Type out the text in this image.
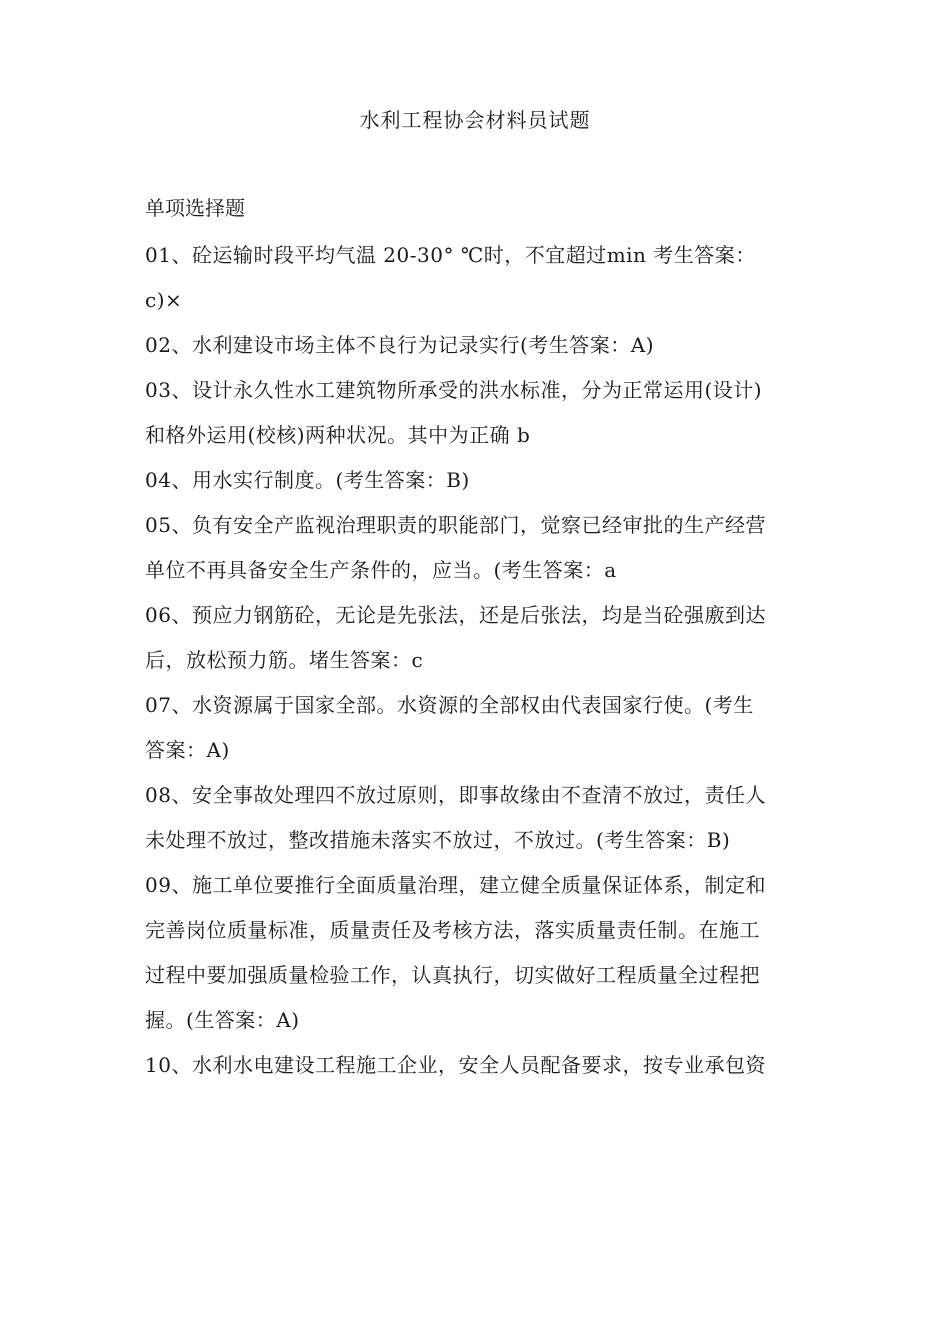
水利工程协会材料员试题
单项选择题
01、砼运输时段平均气温 20-30° ℃时，不宜超过min 考生答案：
c)×
02、水利建设市场主体不良行为记录实行(考生答案：A)
03、设计永久性水工建筑物所承受的洪水标准，分为正常运用(设计)
和格外运用(校核)两种状况。其中为正确 b
04、用水实行制度。(考生答案：B)
05、负有安全产监视治理职责的职能部门，觉察已经审批的生产经营
单位不再具备安全生产条件的，应当。(考生答案：a
06、预应力钢筋砼，无论是先张法，还是后张法，均是当砼强廒到达
后，放松预力筋。堵生答案：c
07、水资源属于国家全部。水资源的全部权由代表国家行使。(考生
答案：A)
08、安全事故处理四不放过原则，即事故缘由不查清不放过，责任人
未处理不放过，整改措施未落实不放过，不放过。(考生答案：B)
09、施工单位要推行全面质量治理，建立健全质量保证体系，制定和
完善岗位质量标准，质量责任及考核方法，落实质量责任制。在施工
过程中要加强质量检验工作，认真执行，切实做好工程质量全过程把
握。(生答案：A)
10、水利水电建设工程施工企业，安全人员配备要求，按专业承包资
